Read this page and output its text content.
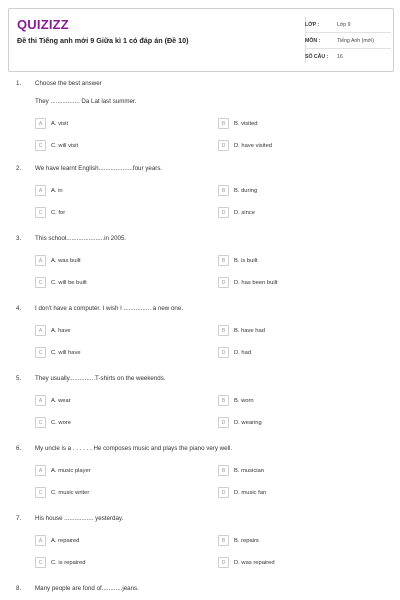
QUIZIZZ
Đề thi Tiếng anh mới 9 Giữa kì 1 có đáp án (Đề 10)
LỚP :	Lớp 9
MÔN :	Tiếng Anh (mới)
SỐ CÂU :	16
1. Choose the best answer
They ................. Da Lat last summer.
A	A. visit	B	B. visited
C	C. will visit	D	D. have visited
2. We have learnt English....................four years.
A	A. in	B	B. during
C	C. for	D	D. since
3. This school......................in 2005.
A	A. was built	B	B. is built
C	C. will be built	D	D. has been built
4. I don't have a computer. I wish I ................ a new one.
A	A. have	B	B. have had
C	C. will have	D	D. had
5. They usually...............T-shirts on the weekends.
A	A. wear	B	B. worn
C	C. wore	D	D. wearing
6. My uncle is a . . . . . . He composes music and plays the piano very well.
A	A. music player	B	B. musician
C	C. music writer	D	D. music fan
7. His house ................. yesterday.
A	A. repaired	B	B. repairs
C	C. is repaired	D	D. was repaired
8. Many people are fond of............jeans.
